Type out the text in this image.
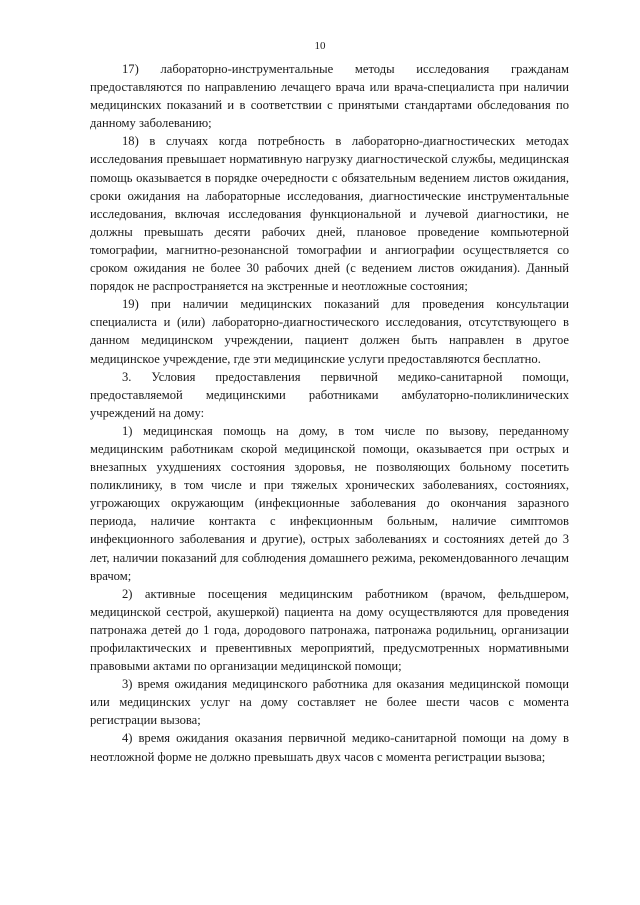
10

17) лабораторно-инструментальные методы исследования гражданам предоставляются по направлению лечащего врача или врача-специалиста при наличии медицинских показаний и в соответствии с принятыми стандартами обследования по данному заболеванию;

18) в случаях когда потребность в лабораторно-диагностических методах исследования превышает нормативную нагрузку диагностической службы, медицинская помощь оказывается в порядке очередности с обязательным ведением листов ожидания, сроки ожидания на лабораторные исследования, диагностические инструментальные исследования, включая исследования функциональной и лучевой диагностики, не должны превышать десяти рабочих дней, плановое проведение компьютерной томографии, магнитно-резонансной томографии и ангиографии осуществляется со сроком ожидания не более 30 рабочих дней (с ведением листов ожидания). Данный порядок не распространяется на экстренные и неотложные состояния;

19) при наличии медицинских показаний для проведения консультации специалиста и (или) лабораторно-диагностического исследования, отсутствующего в данном медицинском учреждении, пациент должен быть направлен в другое медицинское учреждение, где эти медицинские услуги предоставляются бесплатно.

3. Условия предоставления первичной медико-санитарной помощи, предоставляемой медицинскими работниками амбулаторно-поликлинических учреждений на дому:

1) медицинская помощь на дому, в том числе по вызову, переданному медицинским работникам скорой медицинской помощи, оказывается при острых и внезапных ухудшениях состояния здоровья, не позволяющих больному посетить поликлинику, в том числе и при тяжелых хронических заболеваниях, состояниях, угрожающих окружающим (инфекционные заболевания до окончания заразного периода, наличие контакта с инфекционным больным, наличие симптомов инфекционного заболевания и другие), острых заболеваниях и состояниях детей до 3 лет, наличии показаний для соблюдения домашнего режима, рекомендованного лечащим врачом;

2) активные посещения медицинским работником (врачом, фельдшером, медицинской сестрой, акушеркой) пациента на дому осуществляются для проведения патронажа детей до 1 года, дородового патронажа, патронажа родильниц, организации профилактических и превентивных мероприятий, предусмотренных нормативными правовыми актами по организации медицинской помощи;

3) время ожидания медицинского работника для оказания медицинской помощи или медицинских услуг на дому составляет не более шести часов с момента регистрации вызова;

4) время ожидания оказания первичной медико-санитарной помощи на дому в неотложной форме не должно превышать двух часов с момента регистрации вызова;
